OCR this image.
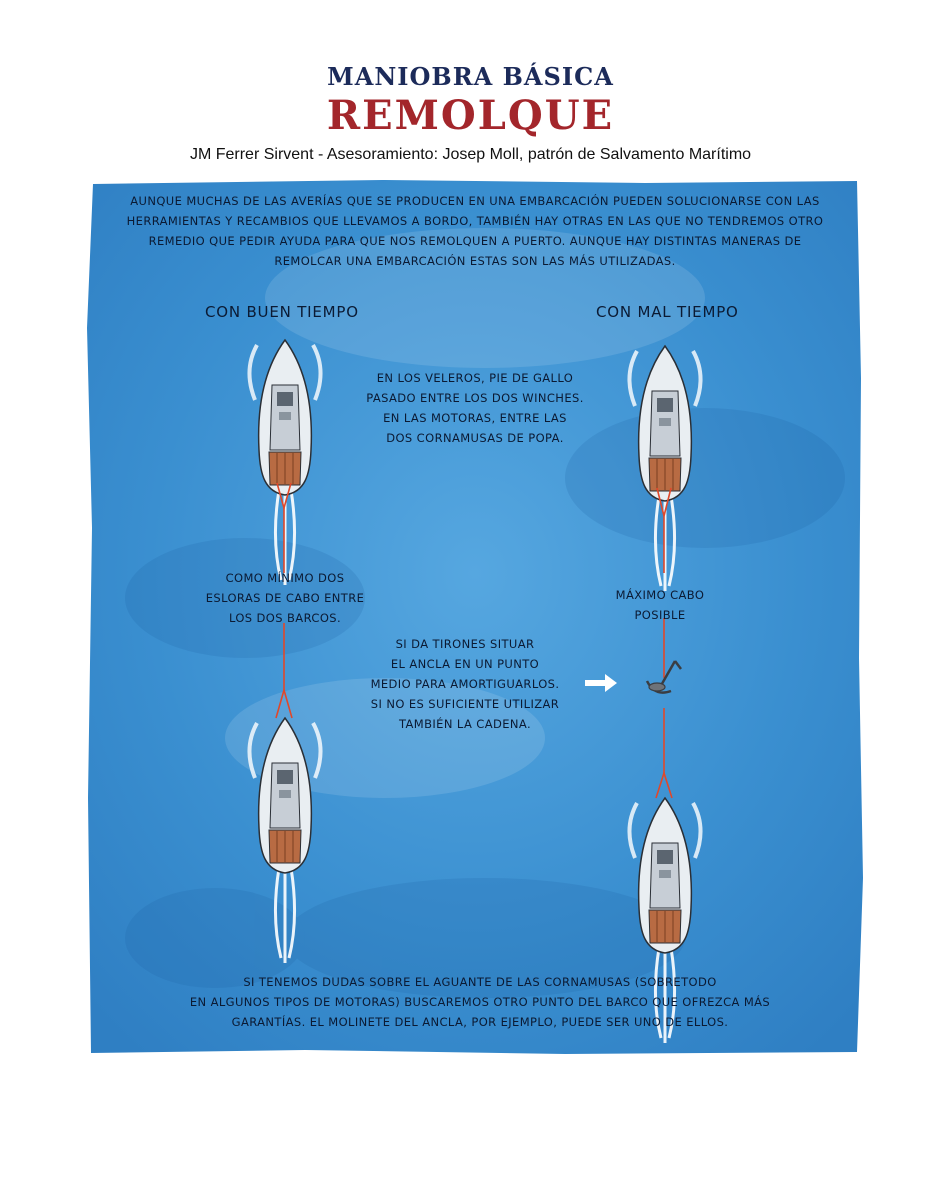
MANIOBRA BÁSICA
REMOLQUE
JM Ferrer Sirvent - Asesoramiento: Josep Moll, patrón de Salvamento Marítimo
AUNQUE MUCHAS DE LAS AVERÍAS QUE SE PRODUCEN EN UNA EMBARCACIÓN PUEDEN SOLUCIONARSE CON LAS
HERRAMIENTAS Y RECAMBIOS QUE LLEVAMOS A BORDO, TAMBIÉN HAY OTRAS EN LAS QUE NO TENDREMOS OTRO
REMEDIO QUE PEDIR AYUDA PARA QUE NOS REMOLQUEN A PUERTO. AUNQUE HAY DISTINTAS MANERAS DE
REMOLCAR UNA EMBARCACIÓN ESTAS SON LAS MÁS UTILIZADAS.
CON BUEN TIEMPO	CON MAL TIEMPO
EN LOS VELEROS, PIE DE GALLO
PASADO ENTRE LOS DOS WINCHES.
EN LAS MOTORAS, ENTRE LAS
DOS CORNAMUSAS DE POPA.
COMO MÍNIMO DOS
ESLORAS DE CABO ENTRE
LOS DOS BARCOS.
MÁXIMO CABO
POSIBLE
SI DA TIRONES SITUAR
EL ANCLA EN UN PUNTO
MEDIO PARA AMORTIGUARLOS.
SI NO ES SUFICIENTE UTILIZAR
TAMBIÉN LA CADENA.
SI TENEMOS DUDAS SOBRE EL AGUANTE DE LAS CORNAMUSAS (SOBRETODO
EN ALGUNOS TIPOS DE MOTORAS) BUSCAREMOS OTRO PUNTO DEL BARCO QUE OFREZCA MÁS
GARANTÍAS. EL MOLINETE DEL ANCLA, POR EJEMPLO, PUEDE SER UNO DE ELLOS.
